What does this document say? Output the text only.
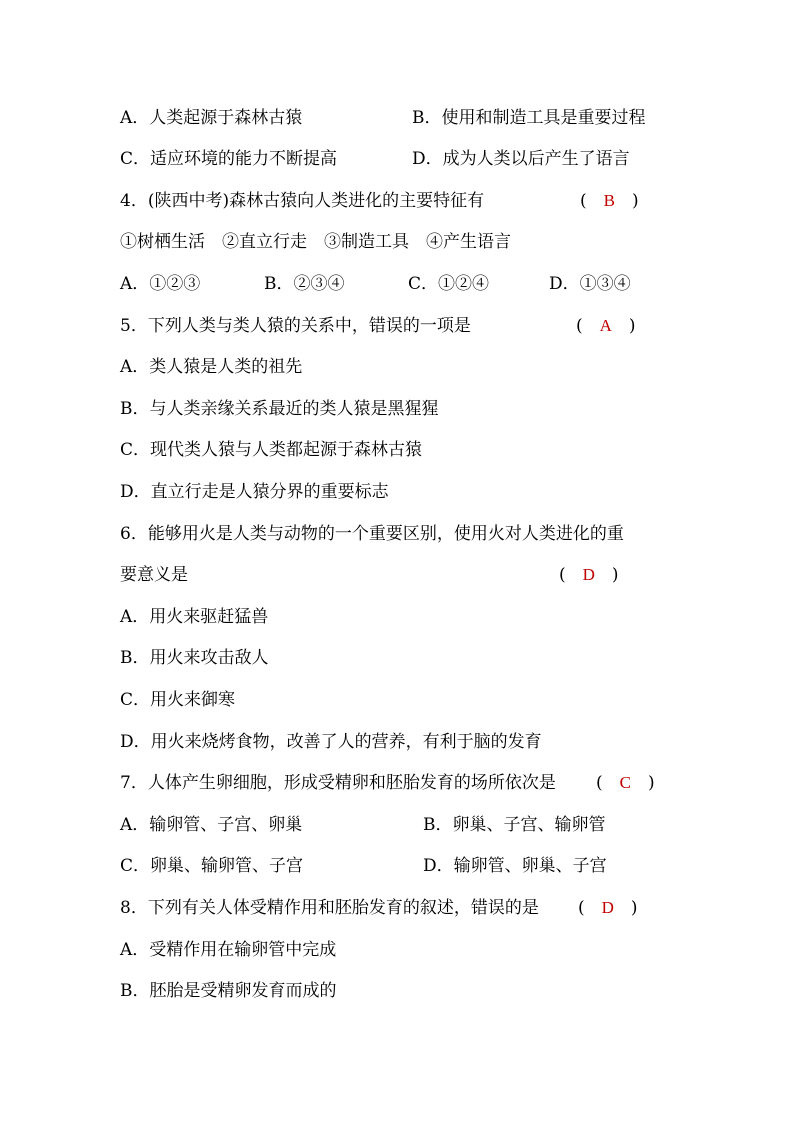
A．人类起源于森林古猿	B．使用和制造工具是重要过程
C．适应环境的能力不断提高	D．成为人类以后产生了语言
4．(陕西中考)森林古猿向人类进化的主要特征有	(　B　)
①树栖生活　②直立行走　③制造工具　④产生语言
A．①②③	B．②③④	C．①②④	D．①③④
5．下列人类与类人猿的关系中，错误的一项是	(　A　)
A．类人猿是人类的祖先
B．与人类亲缘关系最近的类人猿是黑猩猩
C．现代类人猿与人类都起源于森林古猿
D．直立行走是人猿分界的重要标志
6．能够用火是人类与动物的一个重要区别，使用火对人类进化的重
要意义是	(　D　)
A．用火来驱赶猛兽
B．用火来攻击敌人
C．用火来御寒
D．用火来烧烤食物，改善了人的营养，有利于脑的发育
7．人体产生卵细胞，形成受精卵和胚胎发育的场所依次是 (　C　)
A．输卵管、子宫、卵巢	B．卵巢、子宫、输卵管
C．卵巢、输卵管、子宫	D．输卵管、卵巢、子宫
8．下列有关人体受精作用和胚胎发育的叙述，错误的是 (　D　)
A．受精作用在输卵管中完成
B．胚胎是受精卵发育而成的
